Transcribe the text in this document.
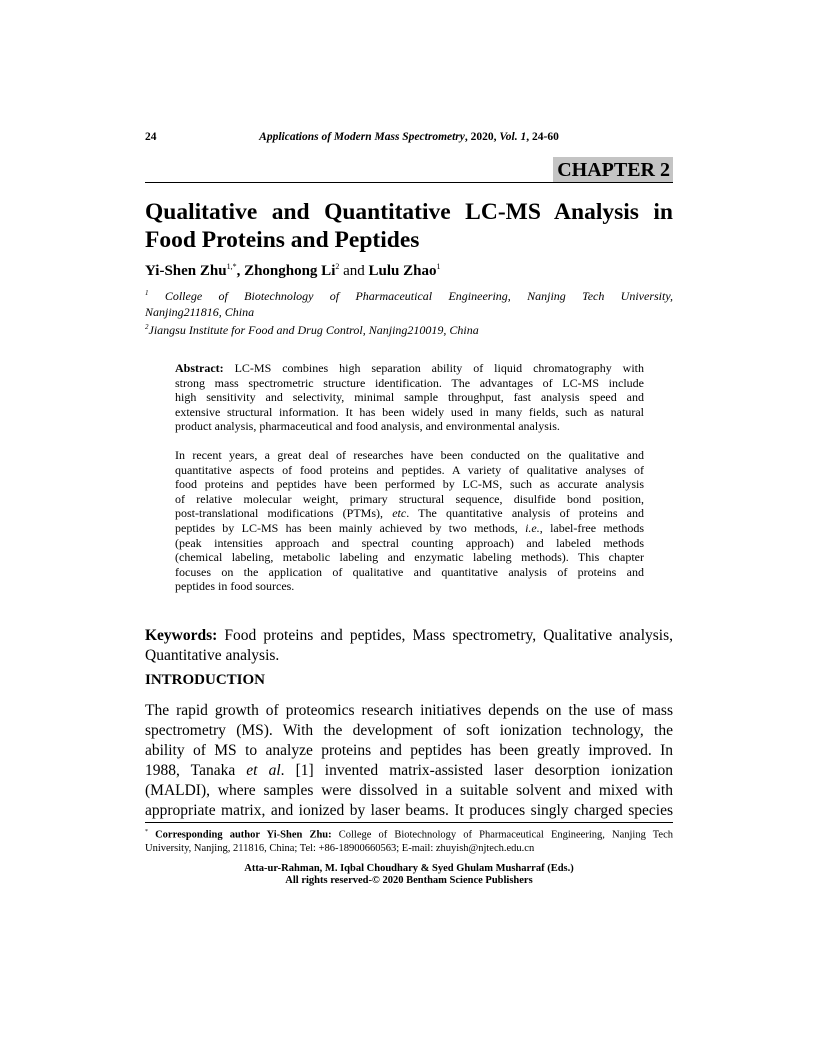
24	Applications of Modern Mass Spectrometry, 2020, Vol. 1, 24-60
CHAPTER 2
Qualitative and Quantitative LC-MS Analysis in
Food Proteins and Peptides
Yi-Shen Zhu$^{1,*}$, Zhonghong Li$^2$ and Lulu Zhao$^1$
$^1$ College of Biotechnology of Pharmaceutical Engineering, Nanjing Tech University,
Nanjing211816, China
$^2$Jiangsu Institute for Food and Drug Control, Nanjing210019, China
Abstract: LC-MS combines high separation ability of liquid chromatography with
strong mass spectrometric structure identification. The advantages of LC-MS include
high sensitivity and selectivity, minimal sample throughput, fast analysis speed and
extensive structural information. It has been widely used in many fields, such as natural
product analysis, pharmaceutical and food analysis, and environmental analysis.
In recent years, a great deal of researches have been conducted on the qualitative and
quantitative aspects of food proteins and peptides. A variety of qualitative analyses of
food proteins and peptides have been performed by LC-MS, such as accurate analysis
of relative molecular weight, primary structural sequence, disulfide bond position,
post-translational modifications (PTMs), etc. The quantitative analysis of proteins and
peptides by LC-MS has been mainly achieved by two methods, i.e., label-free methods
(peak intensities approach and spectral counting approach) and labeled methods
(chemical labeling, metabolic labeling and enzymatic labeling methods). This chapter
focuses on the application of qualitative and quantitative analysis of proteins and
peptides in food sources.
Keywords: Food proteins and peptides, Mass spectrometry, Qualitative analysis,
Quantitative analysis.
INTRODUCTION
The rapid growth of proteomics research initiatives depends on the use of mass
spectrometry (MS). With the development of soft ionization technology, the
ability of MS to analyze proteins and peptides has been greatly improved. In
1988, Tanaka et al. [1] invented matrix-assisted laser desorption ionization
(MALDI), where samples were dissolved in a suitable solvent and mixed with
appropriate matrix, and ionized by laser beams. It produces singly charged species
* Corresponding author Yi-Shen Zhu: College of Biotechnology of Pharmaceutical Engineering, Nanjing Tech
University, Nanjing, 211816, China; Tel: +86-18900660563; E-mail: zhuyish@njtech.edu.cn
Atta-ur-Rahman, M. Iqbal Choudhary & Syed Ghulam Musharraf (Eds.)
All rights reserved-© 2020 Bentham Science Publishers
